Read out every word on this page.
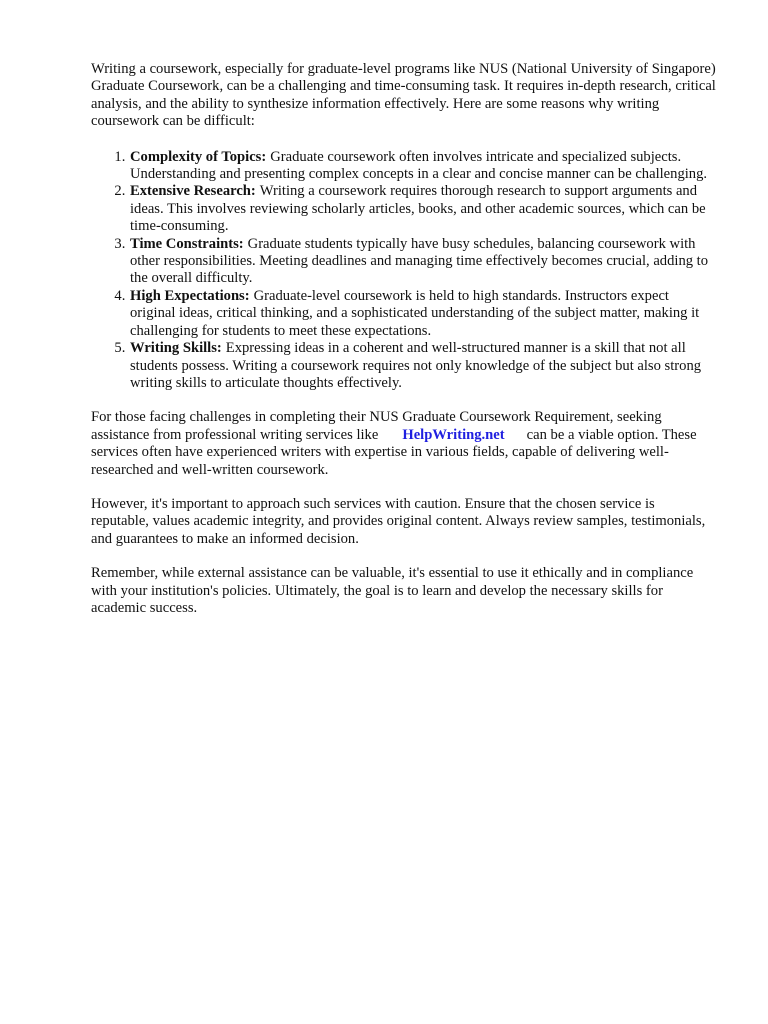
Writing a coursework, especially for graduate-level programs like NUS (National University of Singapore) Graduate Coursework, can be a challenging and time-consuming task. It requires in-depth research, critical analysis, and the ability to synthesize information effectively. Here are some reasons why writing coursework can be difficult:

1. Complexity of Topics: Graduate coursework often involves intricate and specialized subjects. Understanding and presenting complex concepts in a clear and concise manner can be challenging.
2. Extensive Research: Writing a coursework requires thorough research to support arguments and ideas. This involves reviewing scholarly articles, books, and other academic sources, which can be time-consuming.
3. Time Constraints: Graduate students typically have busy schedules, balancing coursework with other responsibilities. Meeting deadlines and managing time effectively becomes crucial, adding to the overall difficulty.
4. High Expectations: Graduate-level coursework is held to high standards. Instructors expect original ideas, critical thinking, and a sophisticated understanding of the subject matter, making it challenging for students to meet these expectations.
5. Writing Skills: Expressing ideas in a coherent and well-structured manner is a skill that not all students possess. Writing a coursework requires not only knowledge of the subject but also strong writing skills to articulate thoughts effectively.

For those facing challenges in completing their NUS Graduate Coursework Requirement, seeking assistance from professional writing services like HelpWriting.net can be a viable option. These services often have experienced writers with expertise in various fields, capable of delivering well-researched and well-written coursework.

However, it's important to approach such services with caution. Ensure that the chosen service is reputable, values academic integrity, and provides original content. Always review samples, testimonials, and guarantees to make an informed decision.

Remember, while external assistance can be valuable, it's essential to use it ethically and in compliance with your institution's policies. Ultimately, the goal is to learn and develop the necessary skills for academic success.
